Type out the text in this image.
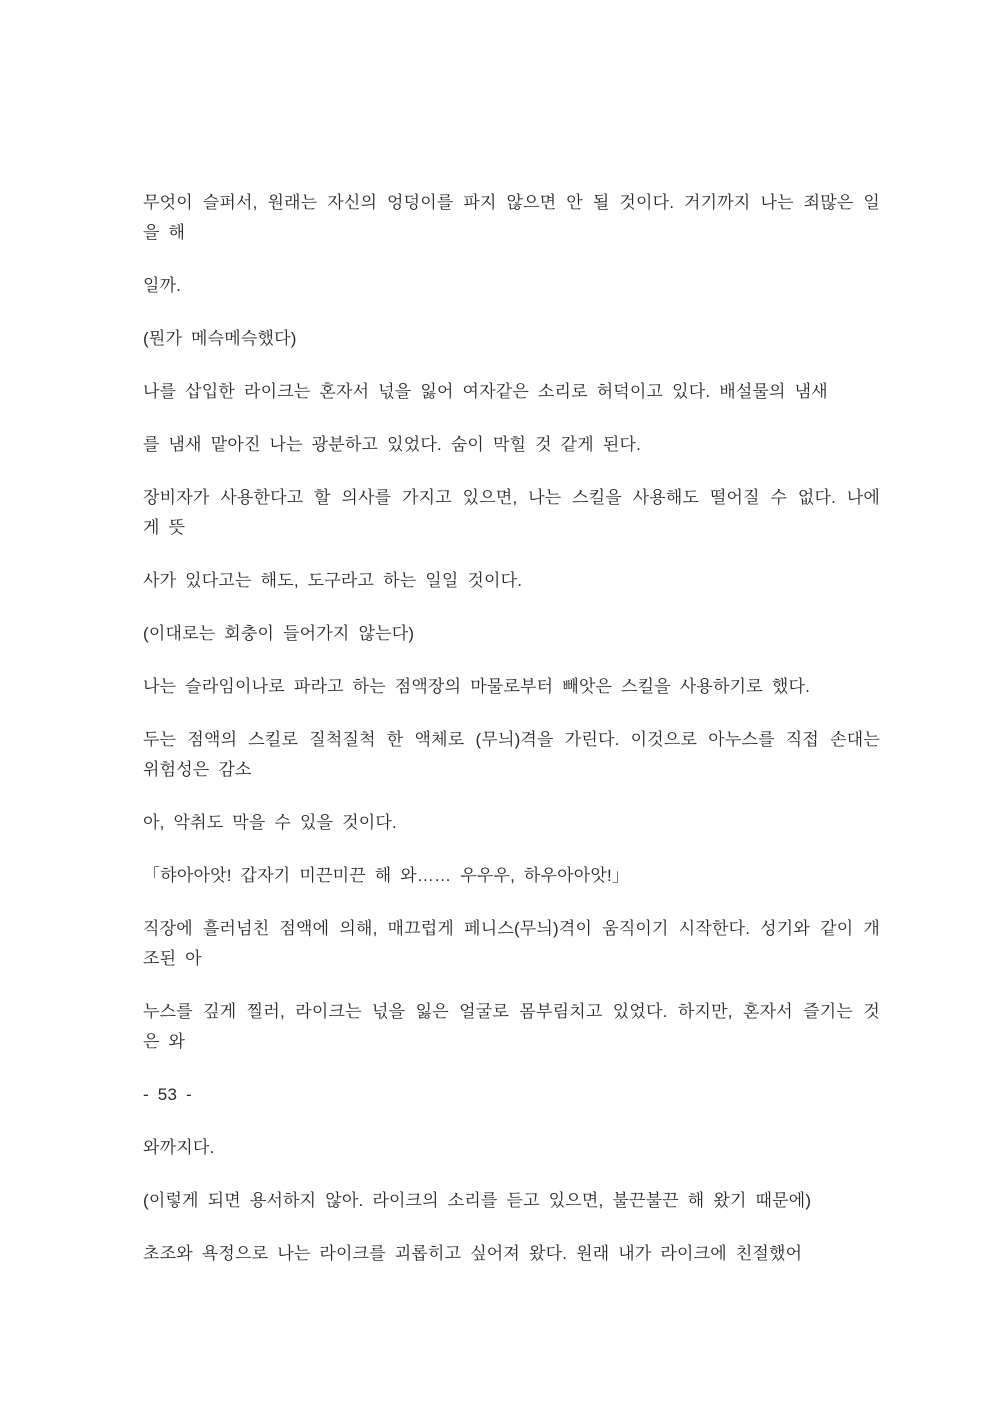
무엇이 슬퍼서, 원래는 자신의 엉덩이를 파지 않으면 안 될 것이다. 거기까지 나는 죄많은 일
을 해
일까.
(뭔가 메슥메슥했다)
나를 삽입한 라이크는 혼자서 넋을 잃어 여자같은 소리로 허덕이고 있다. 배설물의 냄새
를 냄새 맡아진 나는 광분하고 있었다. 숨이 막힐 것 같게 된다.
장비자가 사용한다고 할 의사를 가지고 있으면, 나는 스킬을 사용해도 떨어질 수 없다. 나에
게 뜻
사가 있다고는 해도, 도구라고 하는 일일 것이다.
(이대로는 회충이 들어가지 않는다)
나는 슬라임이나로 파라고 하는 점액장의 마물로부터 빼앗은 스킬을 사용하기로 했다.
두는 점액의 스킬로 질척질척 한 액체로 (무늬)격을 가린다. 이것으로 아누스를 직접 손대는
위험성은 감소
아, 악취도 막을 수 있을 것이다.
「햐아아앗! 갑자기 미끈미끈 해 와…… 우우우, 하우아아앗!」
직장에 흘러넘친 점액에 의해, 매끄럽게 페니스(무늬)격이 움직이기 시작한다. 성기와 같이 개
조된 아
누스를 깊게 찔러, 라이크는 넋을 잃은 얼굴로 몸부림치고 있었다. 하지만, 혼자서 즐기는 것
은 와
- 53 -
와까지다.
(이렇게 되면 용서하지 않아. 라이크의 소리를 듣고 있으면, 불끈불끈 해 왔기 때문에)
초조와 욕정으로 나는 라이크를 괴롭히고 싶어져 왔다. 원래 내가 라이크에 친절했어
